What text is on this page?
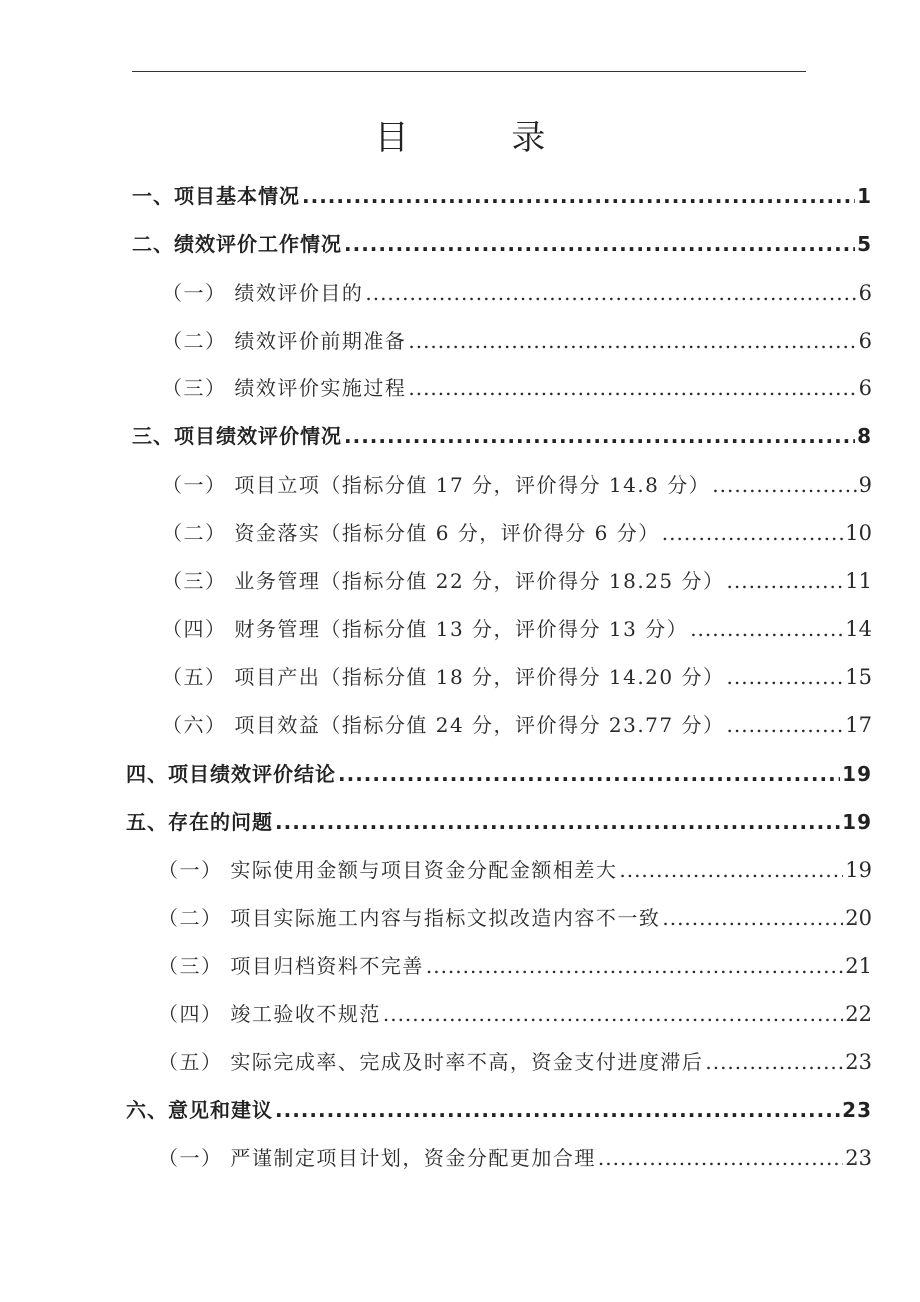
目 录
一、项目基本情况 .....	1
二、绩效评价工作情况 .....	5
（一） 绩效评价目的 .....	6
（二） 绩效评价前期准备 .....	6
（三） 绩效评价实施过程 .....	6
三、项目绩效评价情况 .....	8
（一） 项目立项（指标分值 17 分，评价得分 14.8 分） .....	9
（二） 资金落实（指标分值 6 分，评价得分 6 分） .....	10
（三） 业务管理（指标分值 22 分，评价得分 18.25 分） .....	11
（四） 财务管理（指标分值 13 分，评价得分 13 分） .....	14
（五） 项目产出（指标分值 18 分，评价得分 14.20 分） .....	15
（六） 项目效益（指标分值 24 分，评价得分 23.77 分） .....	17
四、项目绩效评价结论 .....	19
五、存在的问题 .....	19
（一） 实际使用金额与项目资金分配金额相差大 .....	19
（二） 项目实际施工内容与指标文拟改造内容不一致 .....	20
（三） 项目归档资料不完善 .....	21
（四） 竣工验收不规范 .....	22
（五） 实际完成率、完成及时率不高，资金支付进度滞后 .....	23
六、意见和建议 .....	23
（一） 严谨制定项目计划，资金分配更加合理 .....	23
